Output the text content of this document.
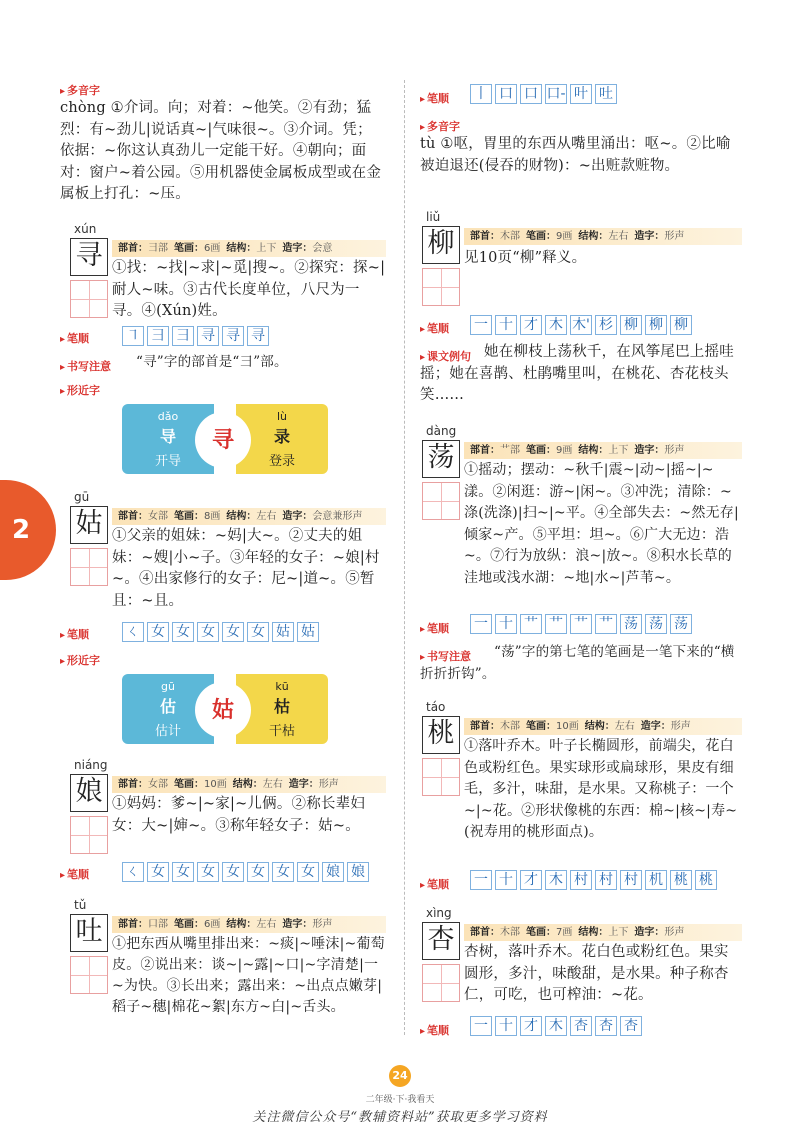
2
▸ 多音字
chòng ①介词。向；对着：~他笑。②有劲；猛烈：有~劲儿|说话真~|气味很~。③介词。凭；依据：~你这认真劲儿一定能干好。④朝向；面对：窗户~着公园。⑤用机器使金属板成型或在金属板上打孔：~压。
xún
寻	部首：彐部 笔画：6画 结构：上下 造字：会意
①找：~找|~求|~觅|搜~。②探究：探~|耐人~味。③古代长度单位，八尺为一寻。④(Xún)姓。
▸ 笔顺	㇕ ⺕ 彐 寻 寻 寻
▸ 书写注意 “寻”字的部首是“彐”部。
▸ 形近字
dǎo
导
开导
lù
录
登录
寻
gū
姑	部首：女部 笔画：8画 结构：左右 造字：会意兼形声
①父亲的姐妹：~妈|大~。②丈夫的姐妹：~嫂|小~子。③年轻的女子：~娘|村~。④出家修行的女子：尼~|道~。⑤暂且：~且。
▸ 笔顺	ㄑ 女 女 女 女 女 姑 姑
▸ 形近字
gū
估
估计
kū
枯
干枯
姑
niáng
娘	部首：女部 笔画：10画 结构：左右 造字：形声
①妈妈：爹~|~家|~儿俩。②称长辈妇女：大~|婶~。③称年轻女子：姑~。
▸ 笔顺	ㄑ 女 女 女 女 女 女 女 娘 娘
tǔ
吐	部首：口部 笔画：6画 结构：左右 造字：形声
①把东西从嘴里排出来：~痰|~唾沫|~葡萄皮。②说出来：谈~|~露|~口|~字清楚|一~为快。③长出来；露出来：~出点点嫩芽|稻子~穗|棉花~絮|东方~白|~舌头。
▸ 笔顺 丨 口 口 口- 叶 吐
▸ 多音字
tù ①呕，胃里的东西从嘴里涌出：呕~。②比喻被迫退还(侵吞的财物)：~出赃款赃物。
liǔ
柳	部首：木部 笔画：9画 结构：左右 造字：形声
见10页“柳”释义。
▸ 笔顺 一 十 才 木 木' 杉 柳 柳 柳
▸ 课文例句 她在柳枝上荡秋千，在风筝尾巴上摇哇摇；她在喜鹊、杜鹃嘴里叫，在桃花、杏花枝头笑……
dàng
荡	部首：艹部 笔画：9画 结构：上下 造字：形声
①摇动；摆动：~秋千|震~|动~|摇~|~漾。②闲逛：游~|闲~。③冲洗；清除：~涤(洗涤)|扫~|~平。④全部失去：~然无存|倾家~产。⑤平坦：坦~。⑥广大无边：浩~。⑦行为放纵：浪~|放~。⑧积水长草的洼地或浅水湖：~地|水~|芦苇~。
▸ 笔顺 一 十 艹 艹 艹 艹 荡 荡 荡
▸ 书写注意	“荡”字的第七笔的笔画是一笔下来的“横折折折钩”。
táo
桃	部首：木部 笔画：10画 结构：左右 造字：形声
①落叶乔木。叶子长椭圆形，前端尖，花白色或粉红色。果实球形或扁球形，果皮有细毛，多汁，味甜，是水果。又称桃子：一个~|~花。②形状像桃的东西：棉~|核~|寿~(祝寿用的桃形面点)。
▸ 笔顺 一 十 才 木 村 村 村 机 桃 桃
xìng
杏	部首：木部 笔画：7画 结构：上下 造字：形声
杏树，落叶乔木。花白色或粉红色。果实圆形，多汁，味酸甜，是水果。种子称杏仁，可吃，也可榨油：~花。
▸ 笔顺 一 十 才 木 杏 杏 杏
24
二年级·下·我看天
关注微信公众号“教辅资料站”获取更多学习资料
